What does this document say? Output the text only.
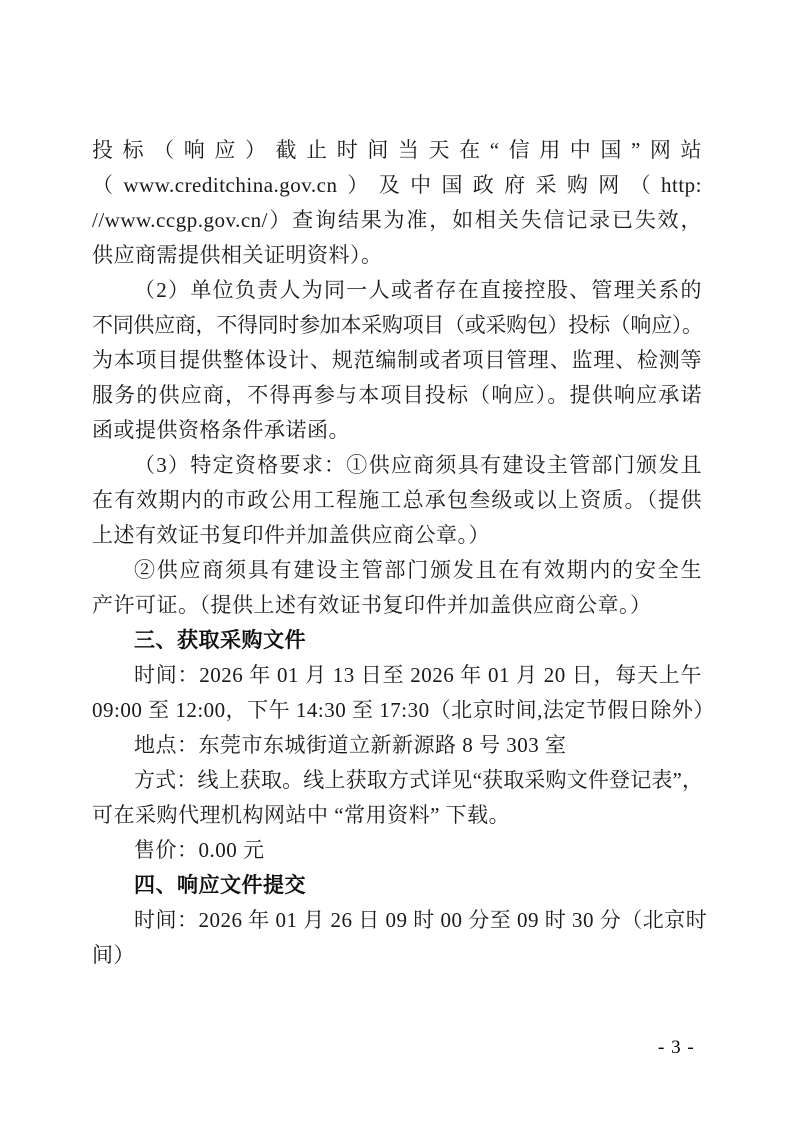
投标（响应）截止时间当天在“信用中国”网站
（www.creditchina.gov.cn）及中国政府采购网（http:
//www.ccgp.gov.cn/）查询结果为准，如相关失信记录已失效，
供应商需提供相关证明资料）。
（2）单位负责人为同一人或者存在直接控股、管理关系的
不同供应商，不得同时参加本采购项目（或采购包）投标（响应）。
为本项目提供整体设计、规范编制或者项目管理、监理、检测等
服务的供应商，不得再参与本项目投标（响应）。提供响应承诺
函或提供资格条件承诺函。
（3）特定资格要求：①供应商须具有建设主管部门颁发且
在有效期内的市政公用工程施工总承包叁级或以上资质。（提供
上述有效证书复印件并加盖供应商公章。）
②供应商须具有建设主管部门颁发且在有效期内的安全生
产许可证。（提供上述有效证书复印件并加盖供应商公章。）
三、获取采购文件
时间：2026 年 01 月 13 日至 2026 年 01 月 20 日，每天上午
09:00 至 12:00，下午 14:30 至 17:30（北京时间,法定节假日除外）
地点：东莞市东城街道立新新源路 8 号 303 室
方式：线上获取。线上获取方式详见“获取采购文件登记表”，
可在采购代理机构网站中 “常用资料” 下载。
售价：0.00 元
四、响应文件提交
时间：2026 年 01 月 26 日 09 时 00 分至 09 时 30 分（北京时
间）
- 3 -
